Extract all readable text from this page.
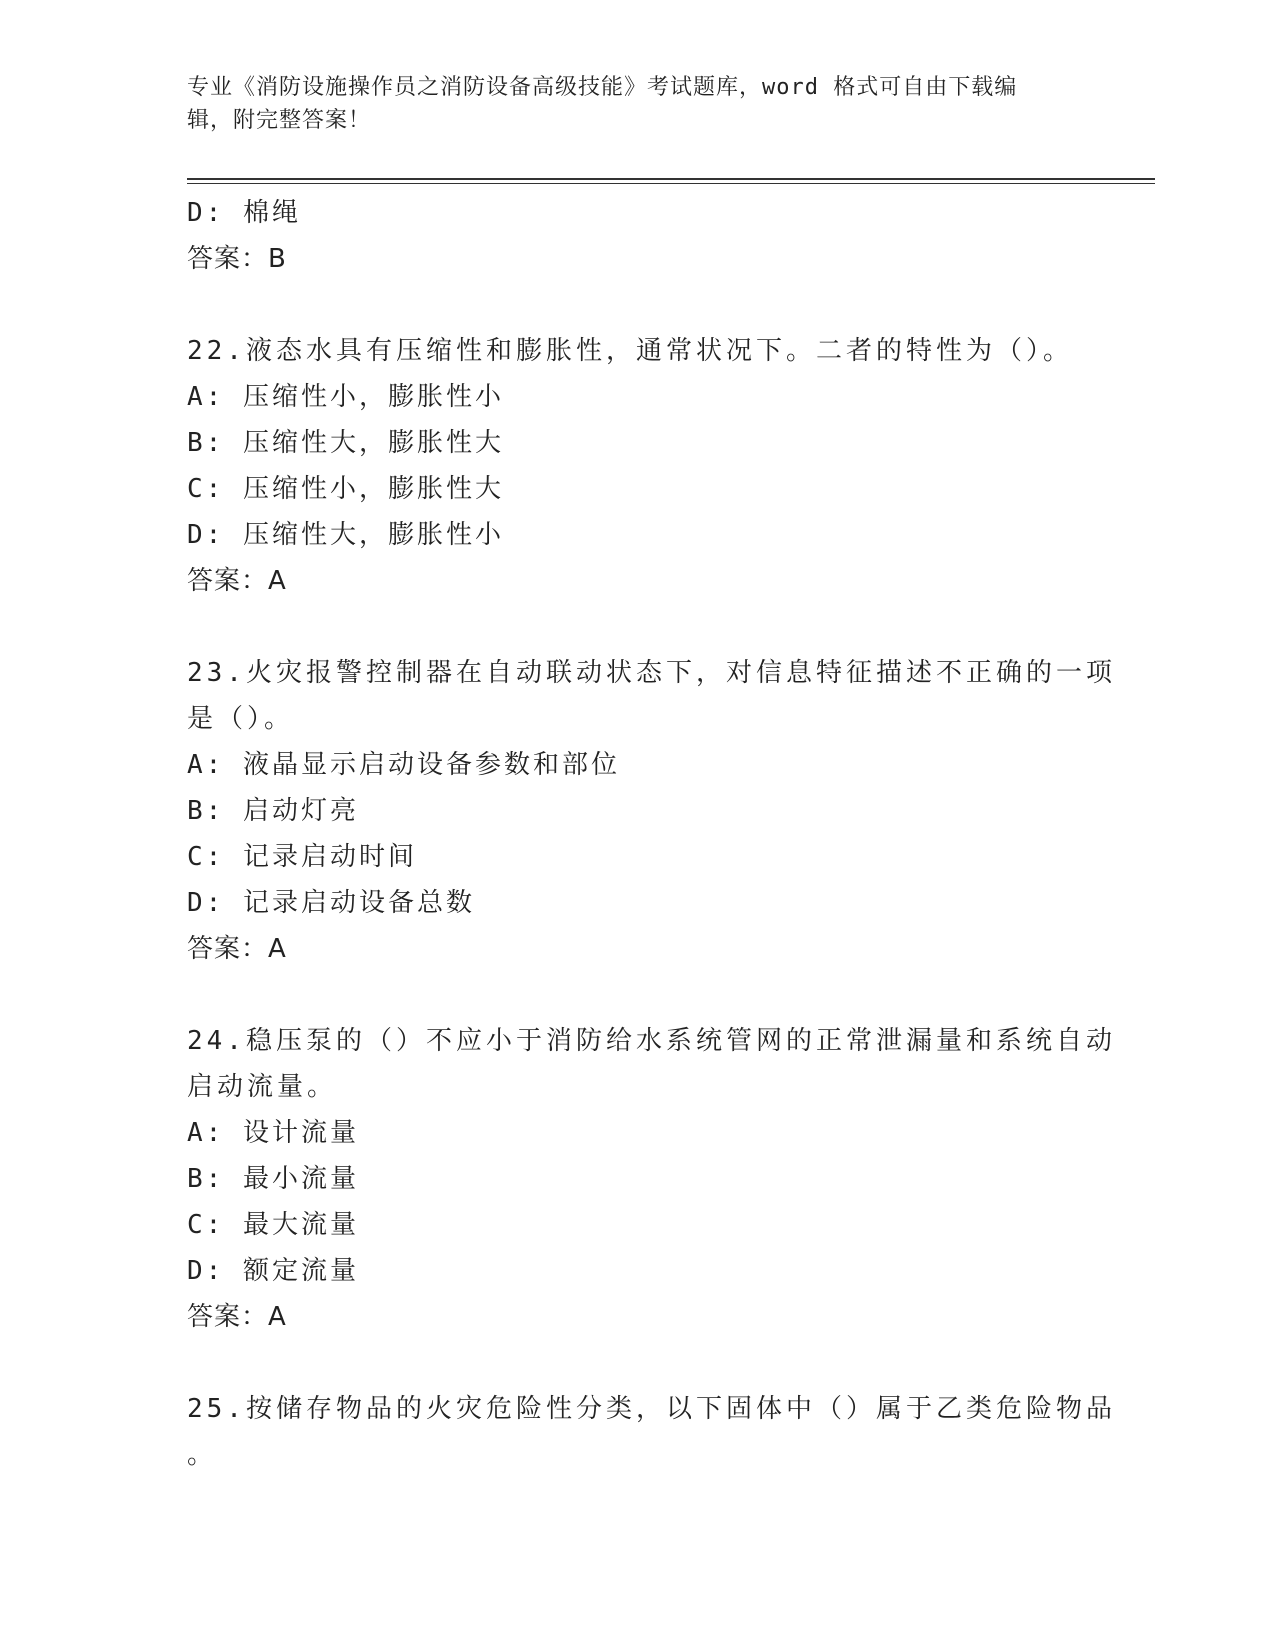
专业《消防设施操作员之消防设备高级技能》考试题库，word 格式可自由下载编
辑，附完整答案！
D: 棉绳
答案：B
22.液态水具有压缩性和膨胀性，通常状况下。二者的特性为（）。
A: 压缩性小，膨胀性小
B: 压缩性大，膨胀性大
C: 压缩性小，膨胀性大
D: 压缩性大，膨胀性小
答案：A
23.火灾报警控制器在自动联动状态下，对信息特征描述不正确的一项
是（）。
A: 液晶显示启动设备参数和部位
B: 启动灯亮
C: 记录启动时间
D: 记录启动设备总数
答案：A
24.稳压泵的（）不应小于消防给水系统管网的正常泄漏量和系统自动
启动流量。
A: 设计流量
B: 最小流量
C: 最大流量
D: 额定流量
答案：A
25.按储存物品的火灾危险性分类，以下固体中（）属于乙类危险物品
。
